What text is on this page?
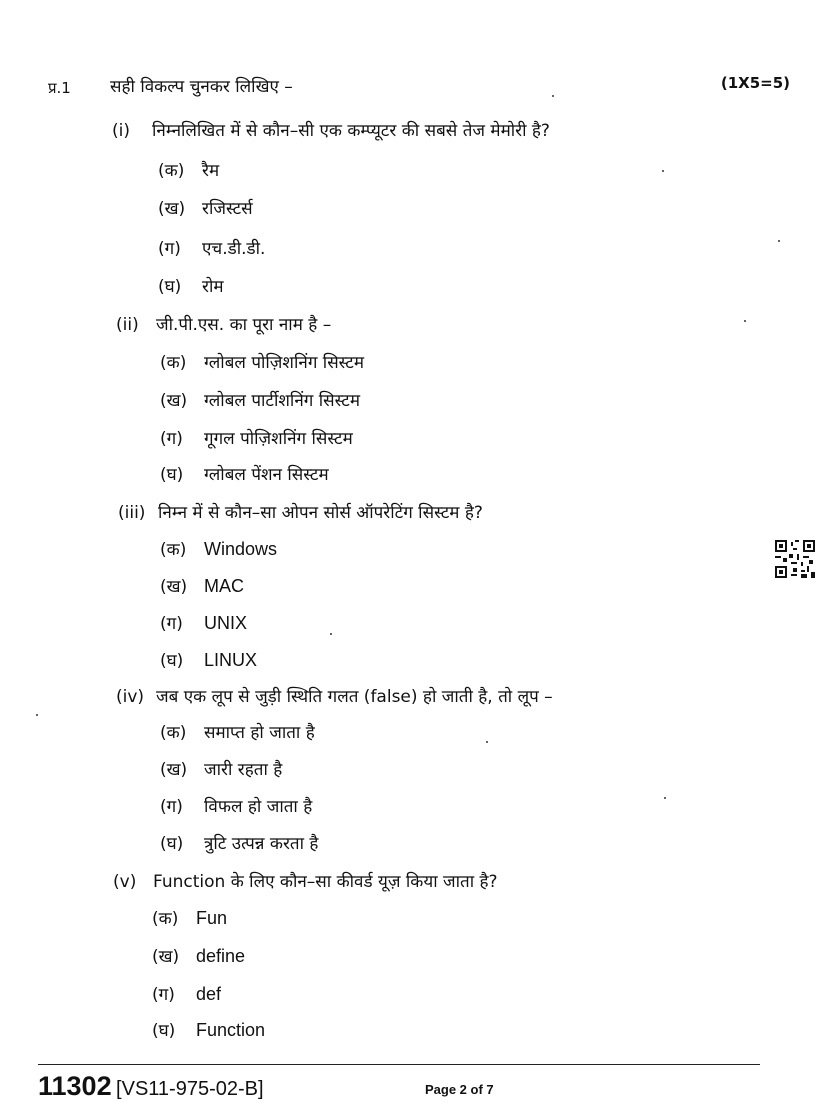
प्र.1 सही विकल्प चुनकर लिखिए –	(1X5=5)
(i) निम्नलिखित में से कौन–सी एक कम्प्यूटर की सबसे तेज मेमोरी है?
(क) रैम
(ख) रजिस्टर्स
(ग) एच.डी.डी.
(घ) रोम
(ii) जी.पी.एस. का पूरा नाम है –
(क) ग्लोबल पोज़िशनिंग सिस्टम
(ख) ग्लोबल पार्टीशनिंग सिस्टम
(ग) गूगल पोज़िशनिंग सिस्टम
(घ) ग्लोबल पेंशन सिस्टम
(iii) निम्न में से कौन–सा ओपन सोर्स ऑपरेटिंग सिस्टम है?
(क) Windows
(ख) MAC
(ग) UNIX
(घ) LINUX
(iv) जब एक लूप से जुड़ी स्थिति गलत (false) हो जाती है, तो लूप –
(क) समाप्त हो जाता है
(ख) जारी रहता है
(ग) विफल हो जाता है
(घ) त्रुटि उत्पन्न करता है
(v) Function के लिए कौन–सा कीवर्ड यूज़ किया जाता है?
(क) Fun
(ख) define
(ग) def
(घ) Function
11302 [VS11-975-02-B]	Page 2 of 7
